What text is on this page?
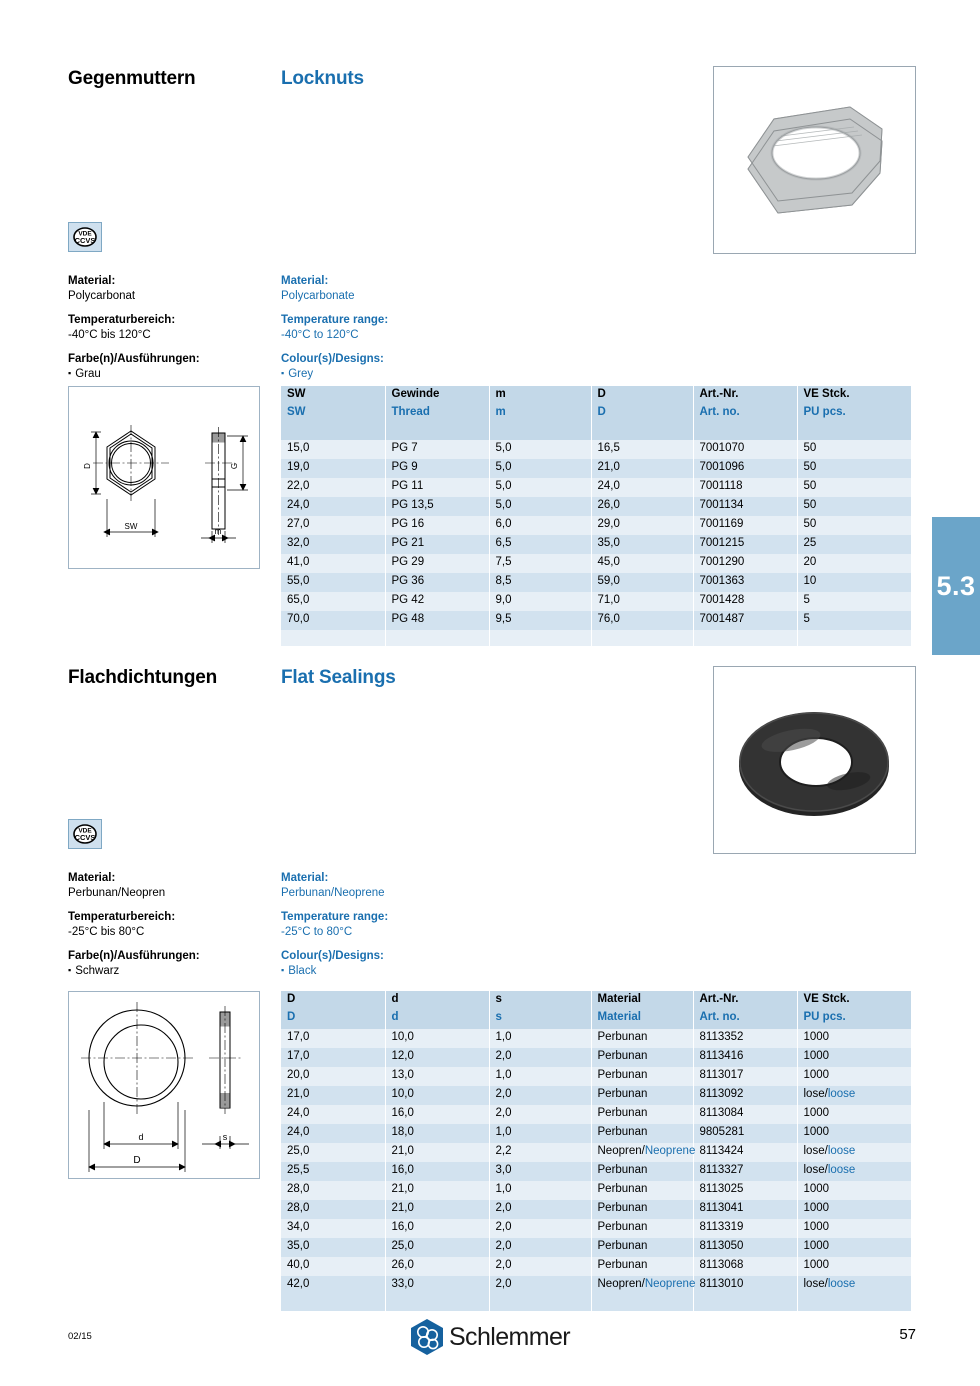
5.3
Gegenmuttern	Locknuts
VDE
CCVS
Material:
Polycarbonat
Temperaturbereich:
-40°C bis 120°C
Farbe(n)/Ausführungen:
▪ Grau
Material:
Polycarbonate
Temperature range:
-40°C to 120°C
Colour(s)/Designs:
▪ Grey
D
SW
G
m
SW	Gewinde	m	D	Art.-Nr.	VE Stck.
SW	Thread	m	D	Art. no.	PU pcs.

15,0	PG 7	5,0	16,5	7001070	50
19,0	PG 9	5,0	21,0	7001096	50
22,0	PG 11	5,0	24,0	7001118	50
24,0	PG 13,5	5,0	26,0	7001134	50
27,0	PG 16	6,0	29,0	7001169	50
32,0	PG 21	6,5	35,0	7001215	25
41,0	PG 29	7,5	45,0	7001290	20
55,0	PG 36	8,5	59,0	7001363	10
65,0	PG 42	9,0	71,0	7001428	5
70,0	PG 48	9,5	76,0	7001487	5

Flachdichtungen	Flat Sealings
VDE
CCVS
Material:
Perbunan/Neopren
Temperaturbereich:
-25°C bis 80°C
Farbe(n)/Ausführungen:
▪ Schwarz
Material:
Perbunan/Neoprene
Temperature range:
-25°C to 80°C
Colour(s)/Designs:
▪ Black
d
D
s
D	d	s	Material	Art.-Nr.	VE Stck.
D	d	s	Material	Art. no.	PU pcs.
17,0	10,0	1,0	Perbunan	8113352	1000
17,0	12,0	2,0	Perbunan	8113416	1000
20,0	13,0	1,0	Perbunan	8113017	1000
21,0	10,0	2,0	Perbunan	8113092	lose/loose
24,0	16,0	2,0	Perbunan	8113084	1000
24,0	18,0	1,0	Perbunan	9805281	1000
25,0	21,0	2,2	Neopren/Neoprene	8113424	lose/loose
25,5	16,0	3,0	Perbunan	8113327	lose/loose
28,0	21,0	1,0	Perbunan	8113025	1000
28,0	21,0	2,0	Perbunan	8113041	1000
34,0	16,0	2,0	Perbunan	8113319	1000
35,0	25,0	2,0	Perbunan	8113050	1000
40,0	26,0	2,0	Perbunan	8113068	1000
42,0	33,0	2,0	Neopren/Neoprene	8113010	lose/loose

02/15	Schlemmer	57
